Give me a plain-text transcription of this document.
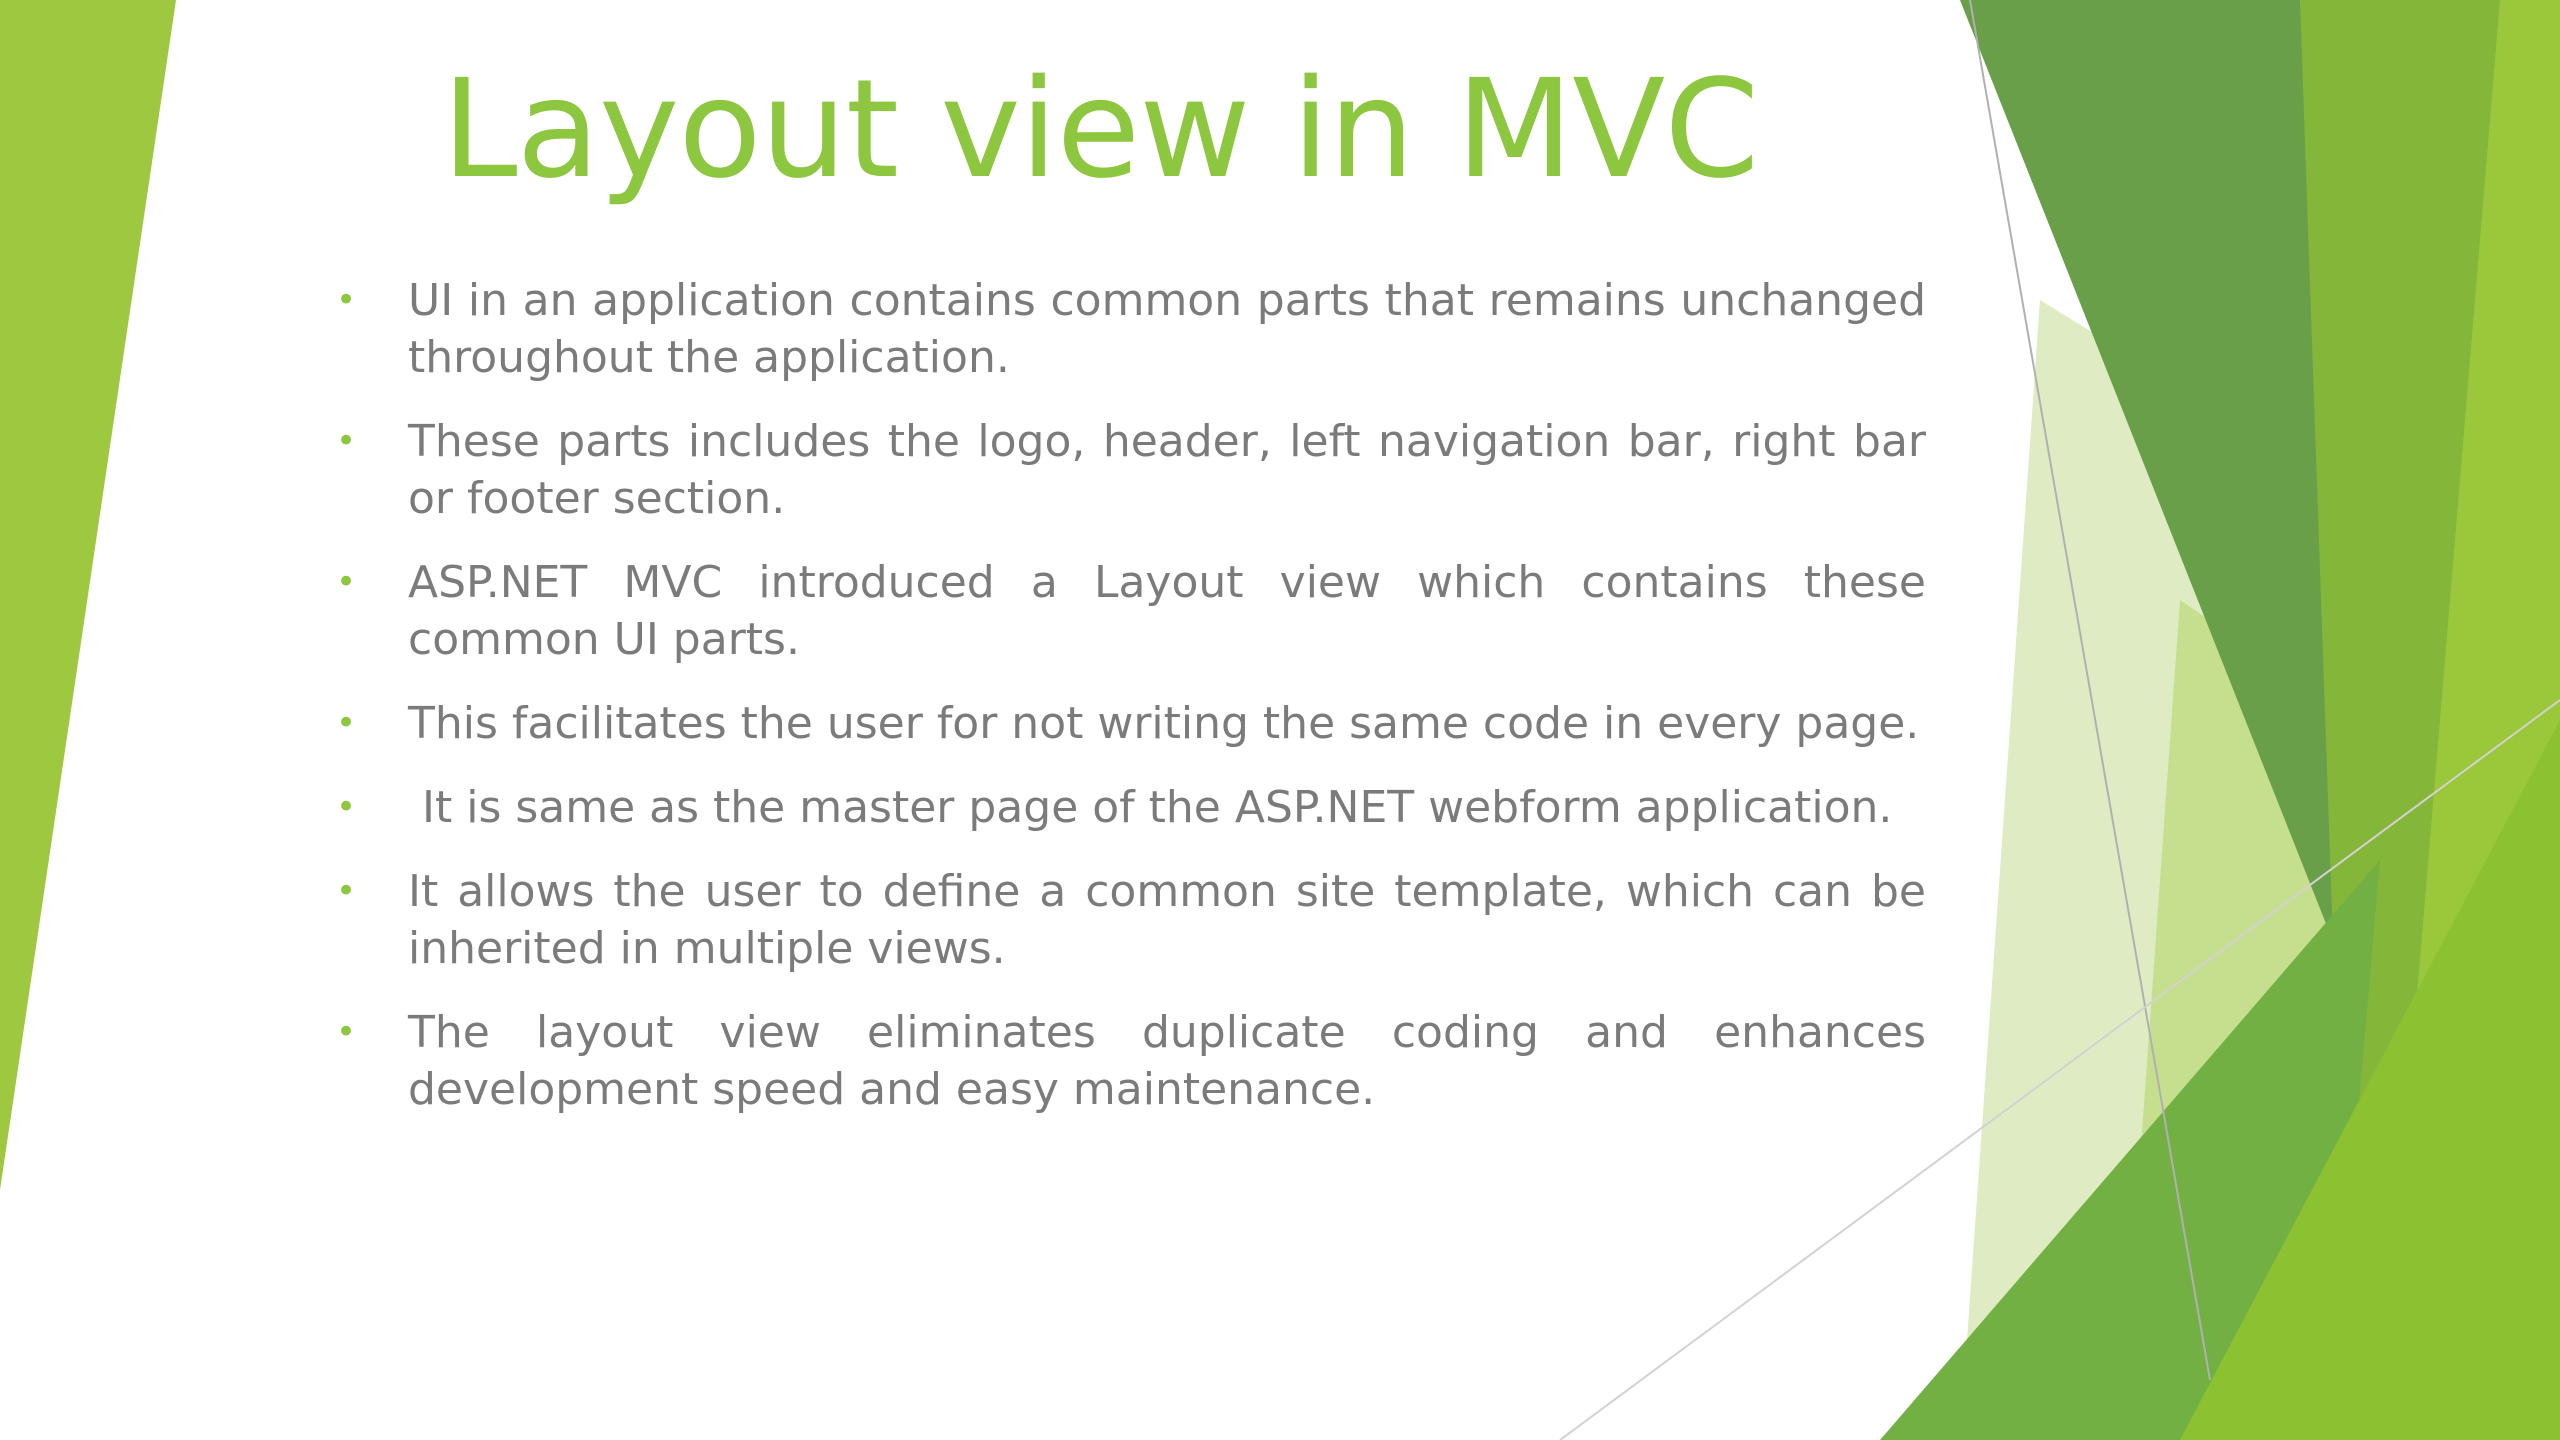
Layout view in MVC
• UI in an application contains common parts that remains unchanged throughout the application.
• These parts includes the logo, header, left navigation bar, right bar or footer section.
• ASP.NET MVC introduced a Layout view which contains these common UI parts.
• This facilitates the user for not writing the same code in every page.
• It is same as the master page of the ASP.NET webform application.
• It allows the user to define a common site template, which can be inherited in multiple views.
• The layout view eliminates duplicate coding and enhances development speed and easy maintenance.
